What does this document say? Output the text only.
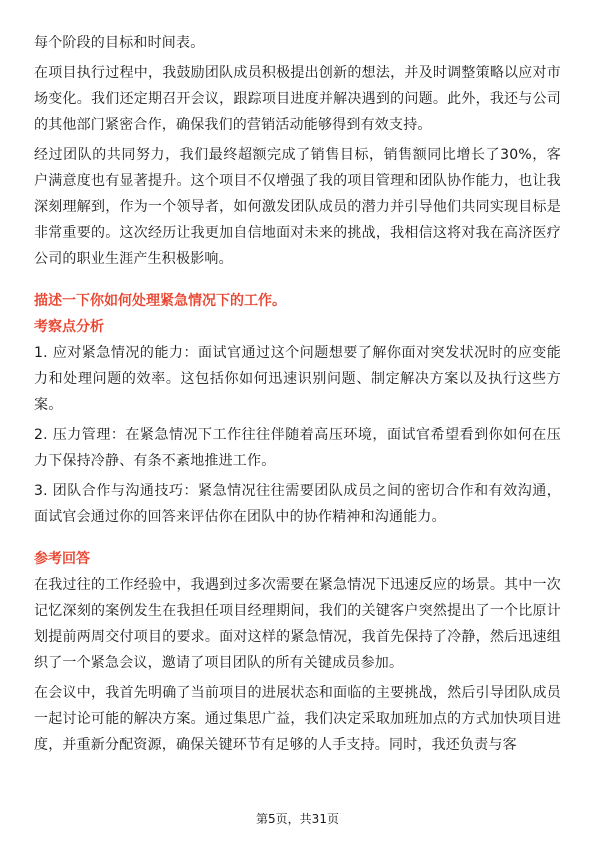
每个阶段的目标和时间表。

在项目执行过程中，我鼓励团队成员积极提出创新的想法，并及时调整策略以应对市场变化。我们还定期召开会议，跟踪项目进度并解决遇到的问题。此外，我还与公司的其他部门紧密合作，确保我们的营销活动能够得到有效支持。

经过团队的共同努力，我们最终超额完成了销售目标，销售额同比增长了30%，客户满意度也有显著提升。这个项目不仅增强了我的项目管理和团队协作能力，也让我深刻理解到，作为一个领导者，如何激发团队成员的潜力并引导他们共同实现目标是非常重要的。这次经历让我更加自信地面对未来的挑战，我相信这将对我在高济医疗公司的职业生涯产生积极影响。

描述一下你如何处理紧急情况下的工作。

考察点分析

1. 应对紧急情况的能力：面试官通过这个问题想要了解你面对突发状况时的应变能力和处理问题的效率。这包括你如何迅速识别问题、制定解决方案以及执行这些方案。

2. 压力管理：在紧急情况下工作往往伴随着高压环境，面试官希望看到你如何在压力下保持冷静、有条不紊地推进工作。

3. 团队合作与沟通技巧：紧急情况往往需要团队成员之间的密切合作和有效沟通，面试官会通过你的回答来评估你在团队中的协作精神和沟通能力。

参考回答

在我过往的工作经验中，我遇到过多次需要在紧急情况下迅速反应的场景。其中一次记忆深刻的案例发生在我担任项目经理期间，我们的关键客户突然提出了一个比原计划提前两周交付项目的要求。面对这样的紧急情况，我首先保持了冷静，然后迅速组织了一个紧急会议，邀请了项目团队的所有关键成员参加。

在会议中，我首先明确了当前项目的进展状态和面临的主要挑战，然后引导团队成员一起讨论可能的解决方案。通过集思广益，我们决定采取加班加点的方式加快项目进度，并重新分配资源，确保关键环节有足够的人手支持。同时，我还负责与客

第5页，共31页
